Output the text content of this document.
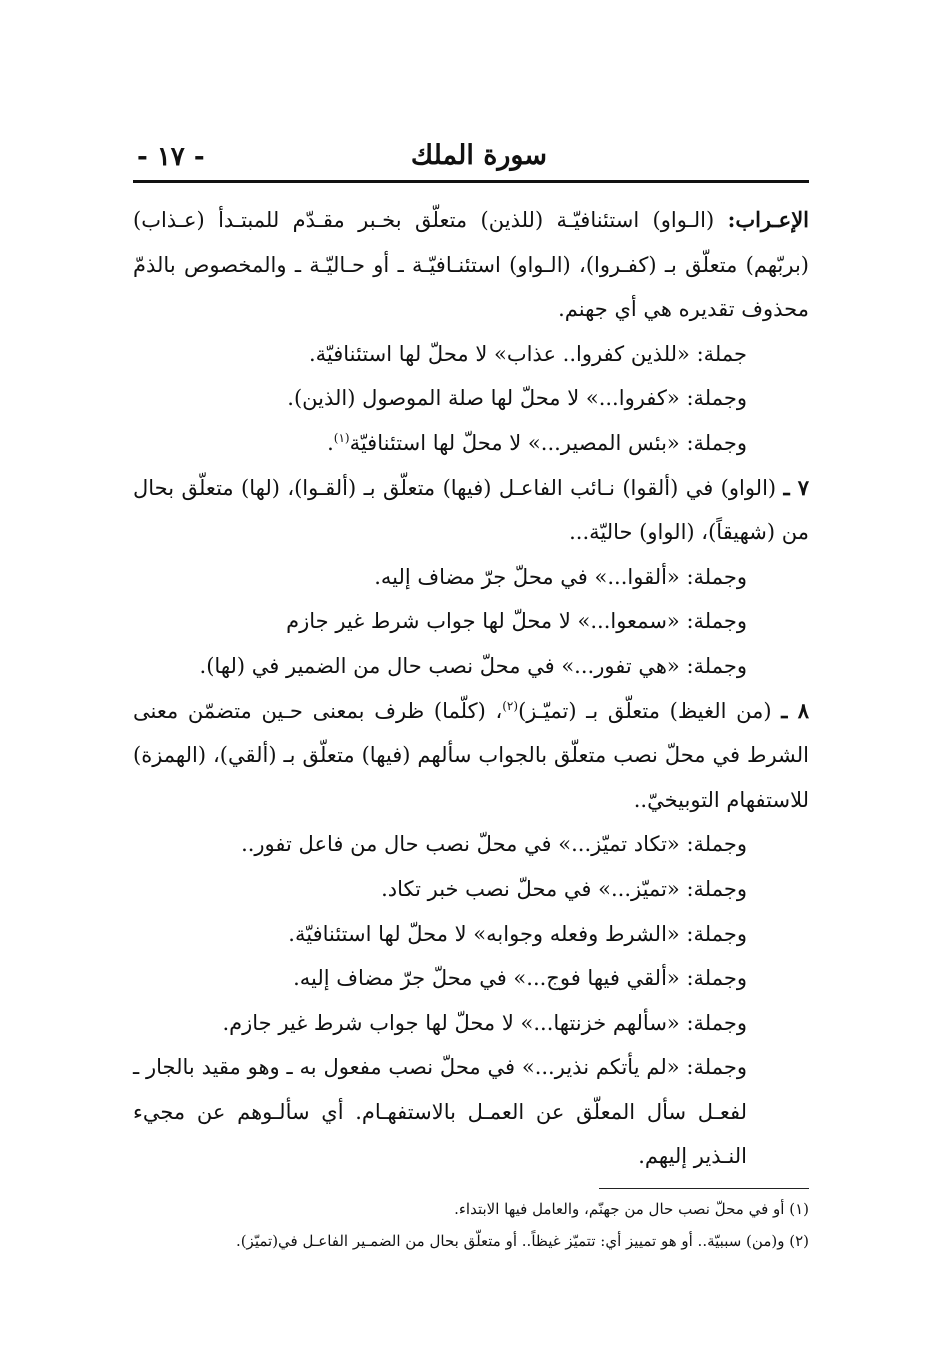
سورة الملك
- ١٧ -

الإعـراب: (الـواو) استئنافيّـة (للذين) متعلّق بخـبر مقـدّم للمبتـدأ (عـذاب) (بربّهم) متعلّق بـ (كفـروا)، (الـواو) استئنـافيّـة ـ أو حـاليّـة ـ والمخصوص بالذمّ محذوف تقديره هي أي جهنم.

جملة: «للذين كفروا.. عذاب» لا محلّ لها استئنافيّة.

وجملة: «كفروا...» لا محلّ لها صلة الموصول (الذين).

وجملة: «بئس المصير...» لا محلّ لها استئنافيّة$^{(١)}$.

٧ ـ (الواو) في (ألقوا) نـائب الفاعـل (فيها) متعلّق بـ (ألقـوا)، (لها) متعلّق بحال من (شهيقاً)، (الواو) حاليّة...

وجملة: «ألقوا...» في محلّ جرّ مضاف إليه.

وجملة: «سمعوا...» لا محلّ لها جواب شرط غير جازم

وجملة: «هي تفور...» في محلّ نصب حال من الضمير في (لها).

٨ ـ (من الغيظ) متعلّق بـ (تميّـز)$^{(٢)}$، (كلّما) ظرف بمعنى حـين متضمّن معنى الشرط في محلّ نصب متعلّق بالجواب سألهم (فيها) متعلّق بـ (ألقي)، (الهمزة) للاستفهام التوبيخيّ..

وجملة: «تكاد تميّز...» في محلّ نصب حال من فاعل تفور..

وجملة: «تميّز...» في محلّ نصب خبر تكاد.

وجملة: «الشرط وفعله وجوابه» لا محلّ لها استئنافيّة.

وجملة: «ألقي فيها فوج...» في محلّ جرّ مضاف إليه.

وجملة: «سألهم خزنتها...» لا محلّ لها جواب شرط غير جازم.

وجملة: «لم يأتكم نذير...» في محلّ نصب مفعول به ـ وهو مقيد بالجار ـ لفعـل سأل المعلّق عن العمـل بالاستفهـام. أي سألـوهم عن مجيء النـذير إليهم.

(١) أو في محلّ نصب حال من جهنّم، والعامل فيها الابتداء.

(٢) و(من) سببيّة.. أو هو تمييز أي: تتميّز غيظاً.. أو متعلّق بحال من الضمـير الفاعـل في(تميّز).
